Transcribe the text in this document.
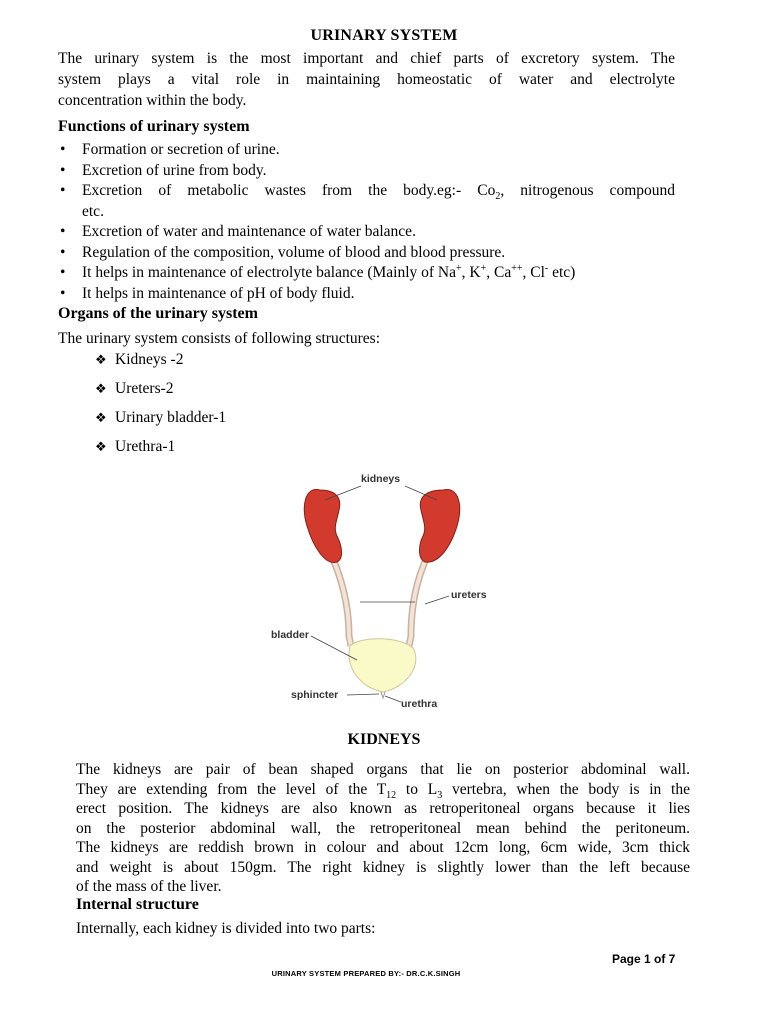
URINARY SYSTEM
The urinary system is the most important and chief parts of excretory system. The
system plays a vital role in maintaining homeostatic of water and electrolyte
concentration within the body.
Functions of urinary system
• Formation or secretion of urine.
• Excretion of urine from body.
• Excretion of metabolic wastes from the body.eg:- $Co_2$, nitrogenous compound
etc.
• Excretion of water and maintenance of water balance.
• Regulation of the composition, volume of blood and blood pressure.
• It helps in maintenance of electrolyte balance (Mainly of Na+, K+, Ca++, Cl- etc)
• It helps in maintenance of pH of body fluid.
Organs of the urinary system
The urinary system consists of following structures:
❖ Kidneys -2
❖ Ureters-2
❖ Urinary bladder-1
❖ Urethra-1
kidneys
ureters
bladder
sphincter
urethra
KIDNEYS
The kidneys are pair of bean shaped organs that lie on posterior abdominal wall.
They are extending from the level of the $T_{12}$ to $L_3$ vertebra, when the body is in the
erect position. The kidneys are also known as retroperitoneal organs because it lies
on the posterior abdominal wall, the retroperitoneal mean behind the peritoneum.
The kidneys are reddish brown in colour and about 12cm long, 6cm wide, 3cm thick
and weight is about 150gm. The right kidney is slightly lower than the left because
of the mass of the liver.
Internal structure
Internally, each kidney is divided into two parts:
Page 1 of 7
URINARY SYSTEM PREPARED BY:- DR.C.K.SINGH
